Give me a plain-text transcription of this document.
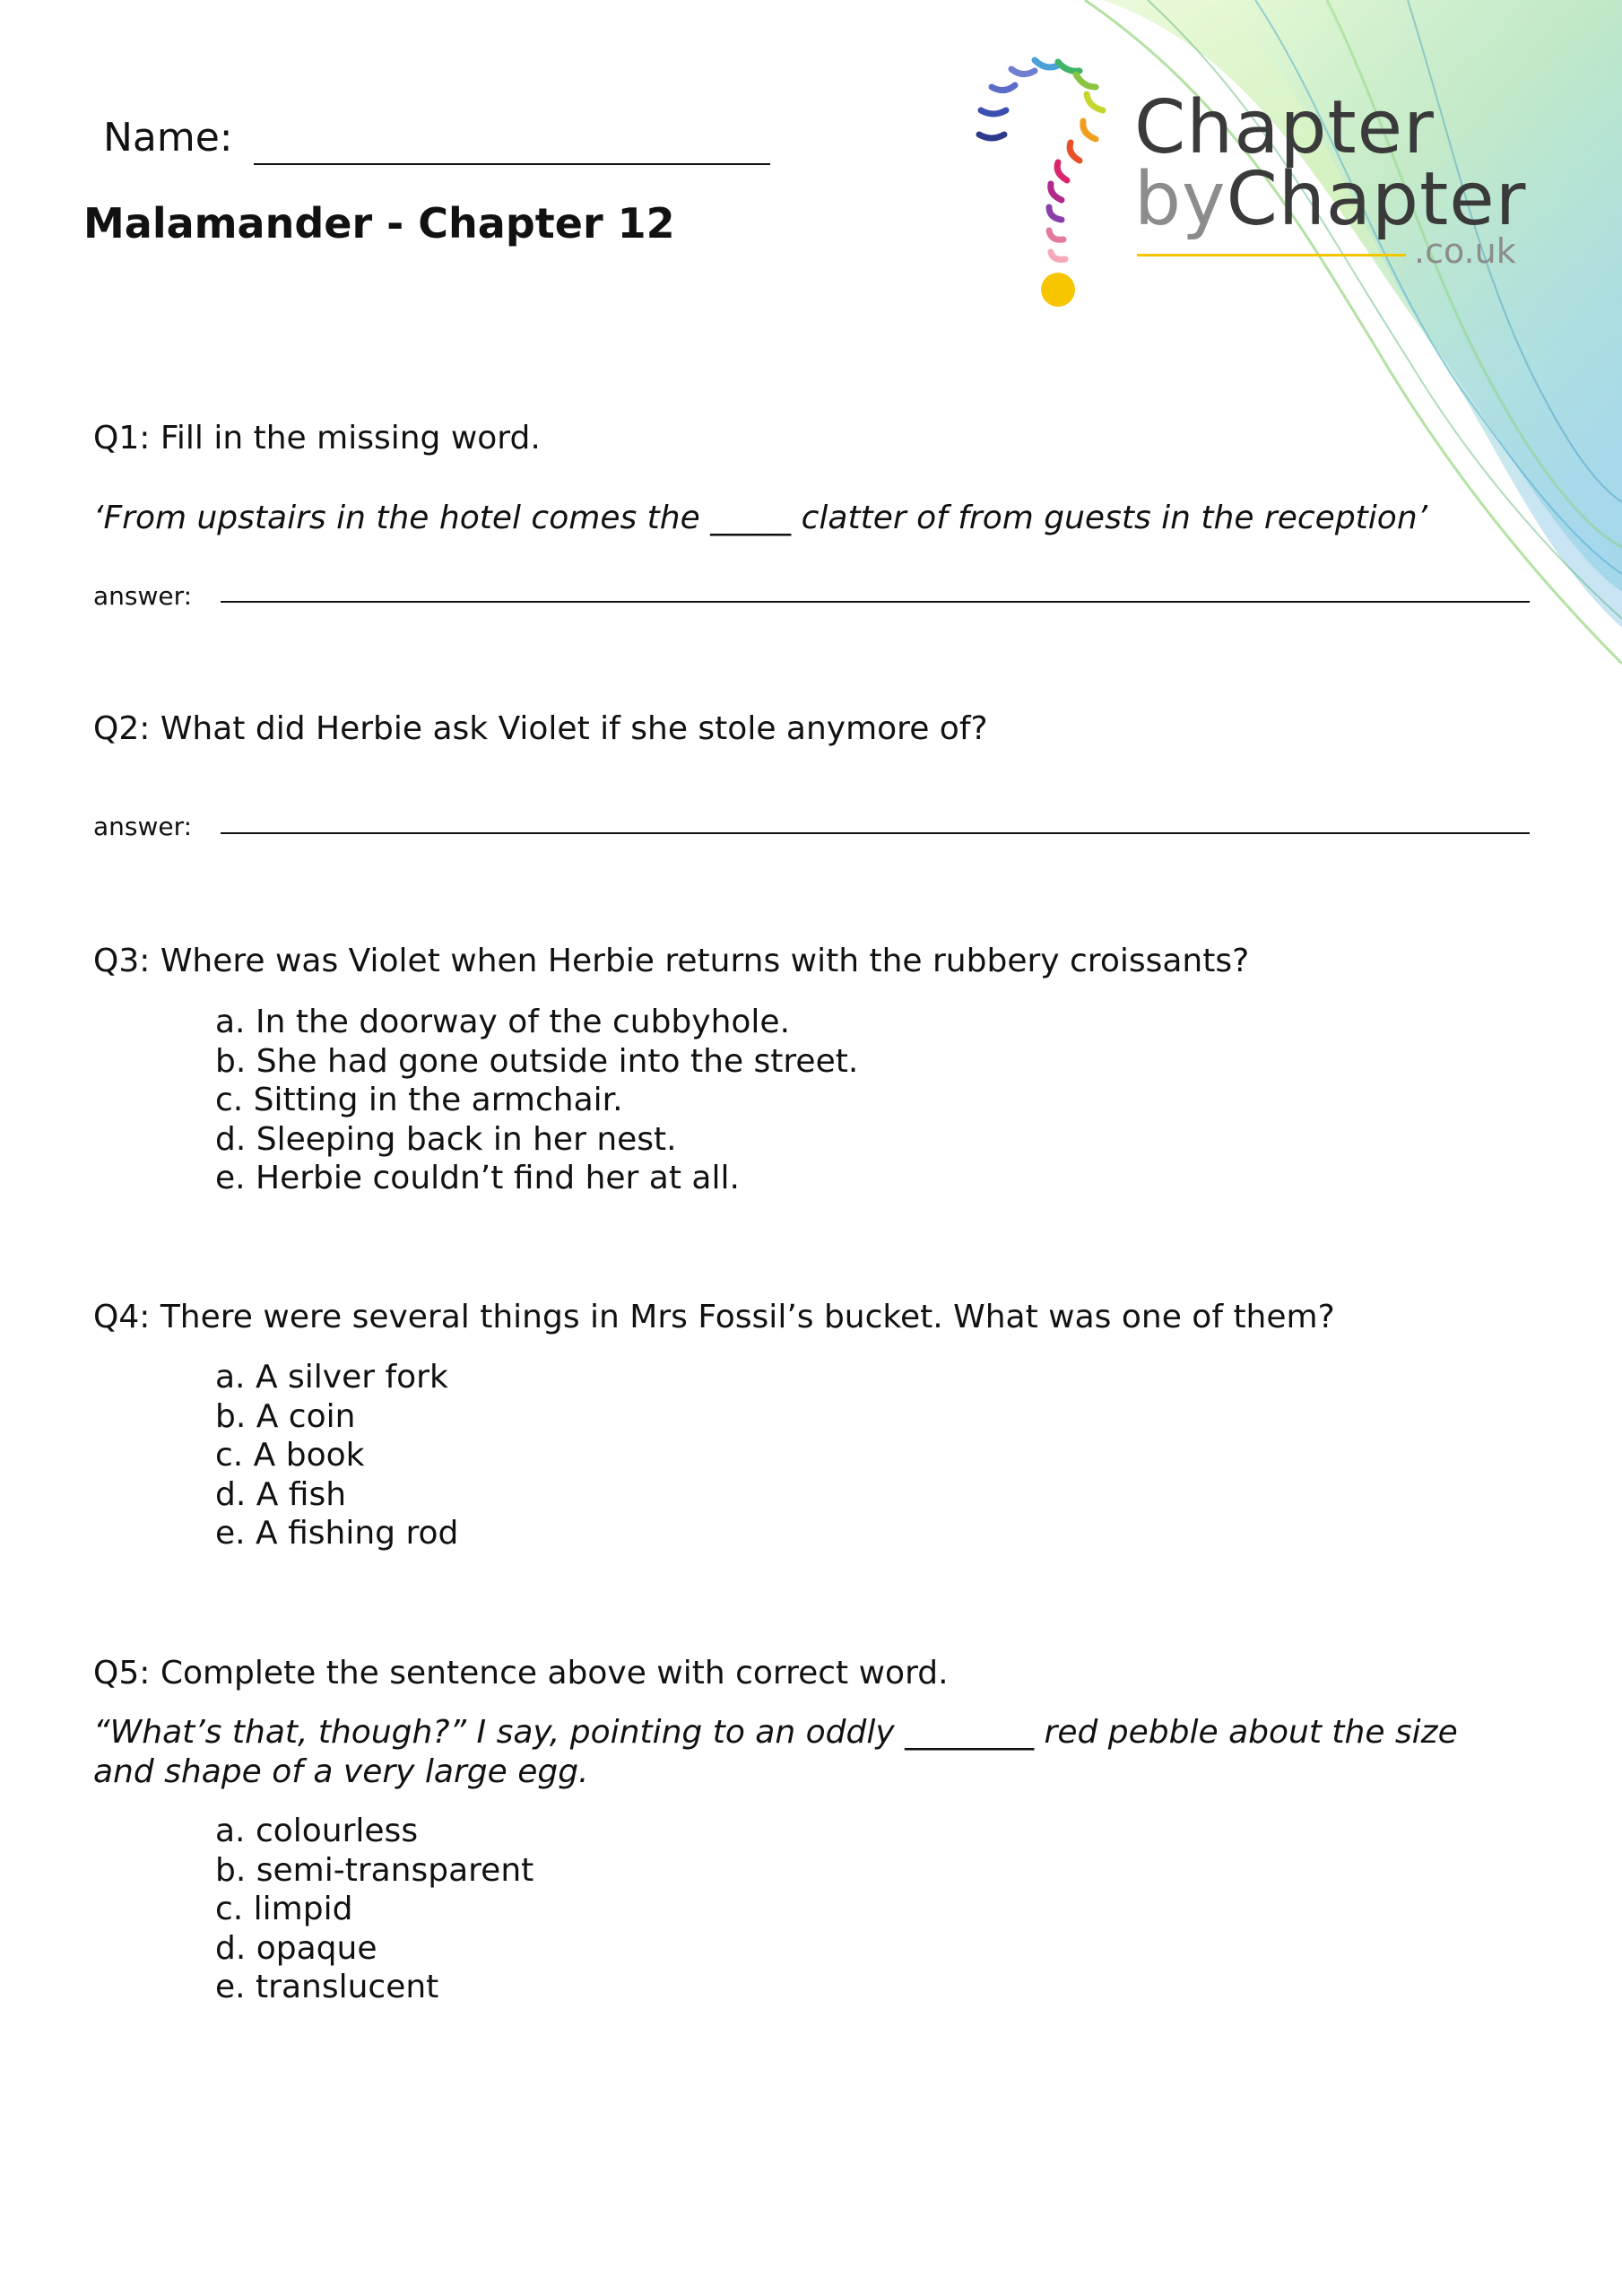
Name:
Malamander - Chapter 12
Chapter
byChapter
.co.uk
Q1: Fill in the missing word.
‘From upstairs in the hotel comes the _____ clatter of from guests in the reception’
answer:
Q2: What did Herbie ask Violet if she stole anymore of?
answer:
Q3: Where was Violet when Herbie returns with the rubbery croissants?
a. In the doorway of the cubbyhole.
b. She had gone outside into the street.
c. Sitting in the armchair.
d. Sleeping back in her nest.
e. Herbie couldn’t find her at all.
Q4: There were several things in Mrs Fossil’s bucket. What was one of them?
a. A silver fork
b. A coin
c. A book
d. A fish
e. A fishing rod
Q5: Complete the sentence above with correct word.
“What’s that, though?” I say, pointing to an oddly ________ red pebble about the size and shape of a very large egg.
a. colourless
b. semi-transparent
c. limpid
d. opaque
e. translucent
